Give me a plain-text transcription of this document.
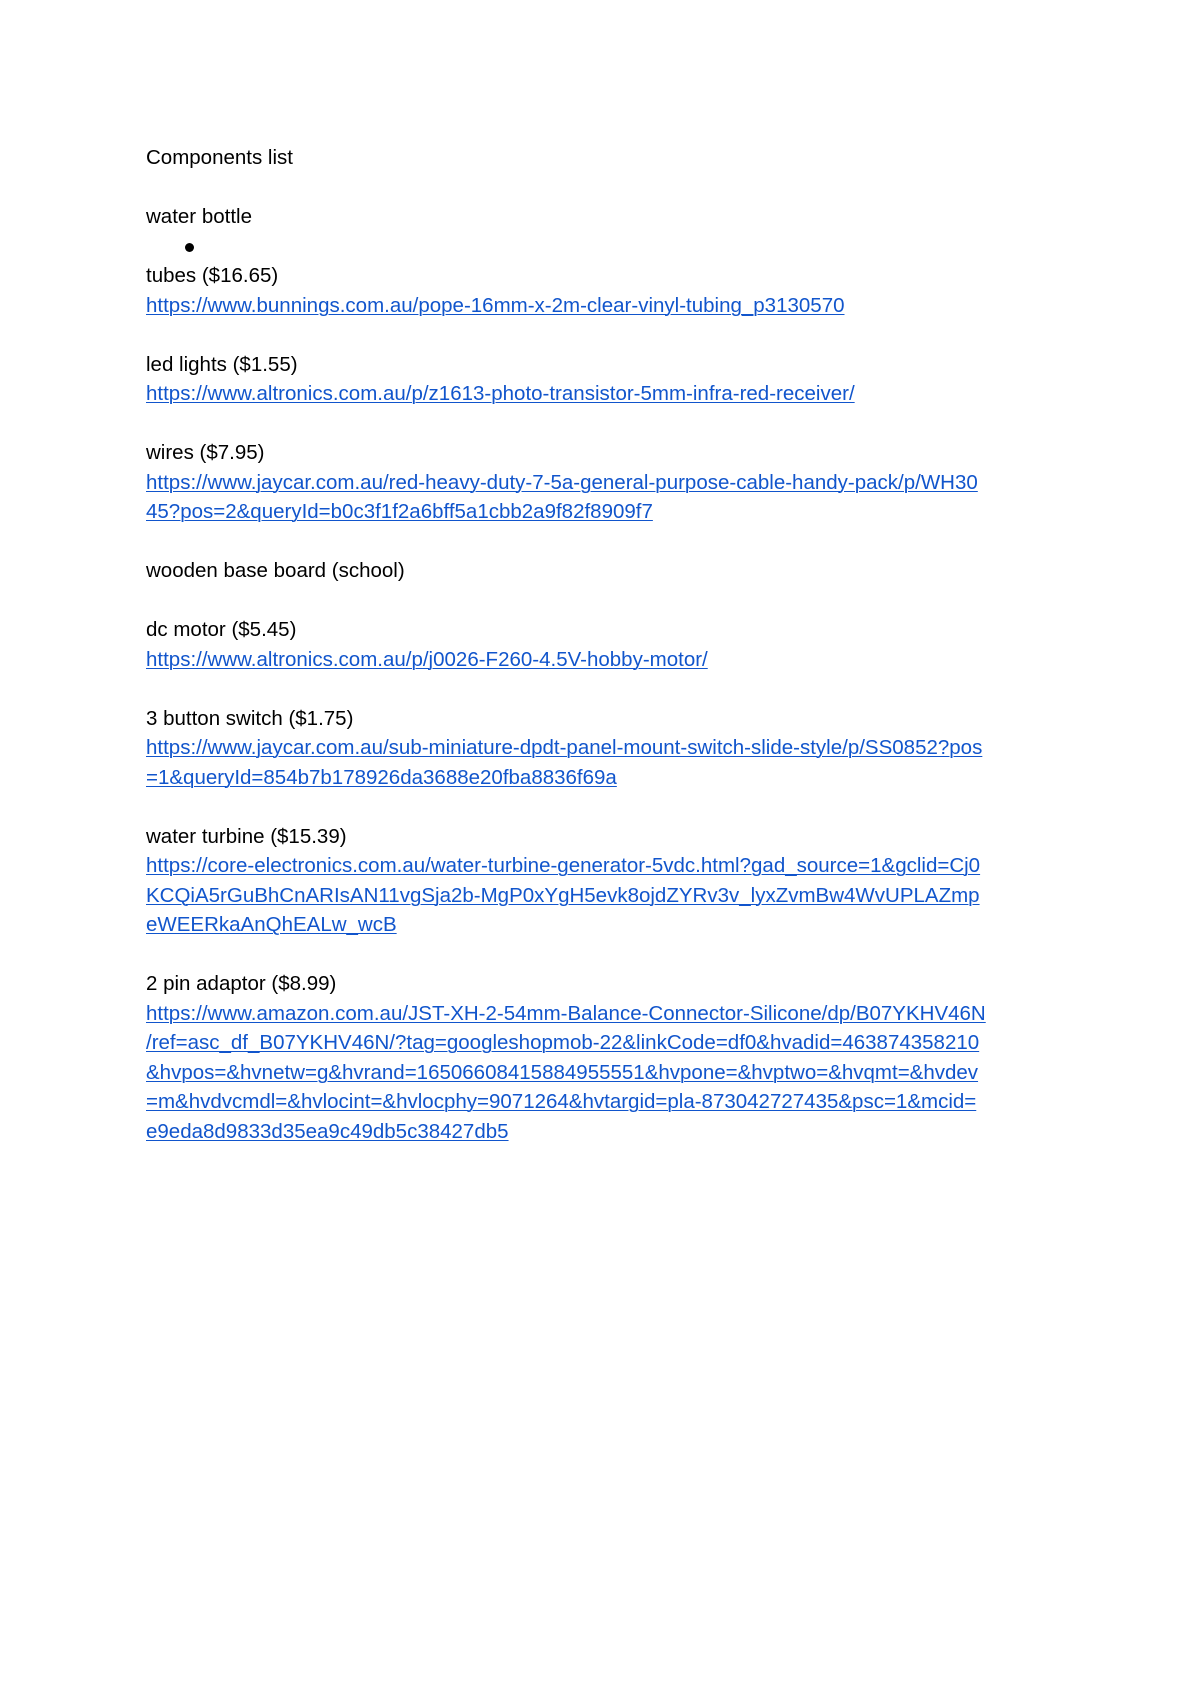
Components list
water bottle
tubes ($16.65)
https://www.bunnings.com.au/pope-16mm-x-2m-clear-vinyl-tubing_p3130570
led lights ($1.55)
https://www.altronics.com.au/p/z1613-photo-transistor-5mm-infra-red-receiver/
wires ($7.95)
https://www.jaycar.com.au/red-heavy-duty-7-5a-general-purpose-cable-handy-pack/p/WH30
45?pos=2&queryId=b0c3f1f2a6bff5a1cbb2a9f82f8909f7
wooden base board (school)
dc motor ($5.45)
https://www.altronics.com.au/p/j0026-F260-4.5V-hobby-motor/
3 button switch ($1.75)
https://www.jaycar.com.au/sub-miniature-dpdt-panel-mount-switch-slide-style/p/SS0852?pos
=1&queryId=854b7b178926da3688e20fba8836f69a
water turbine ($15.39)
https://core-electronics.com.au/water-turbine-generator-5vdc.html?gad_source=1&gclid=Cj0
KCQiA5rGuBhCnARIsAN11vgSja2b-MgP0xYgH5evk8ojdZYRv3v_lyxZvmBw4WvUPLAZmp
eWEERkaAnQhEALw_wcB
2 pin adaptor ($8.99)
https://www.amazon.com.au/JST-XH-2-54mm-Balance-Connector-Silicone/dp/B07YKHV46N
/ref=asc_df_B07YKHV46N/?tag=googleshopmob-22&linkCode=df0&hvadid=463874358210
&hvpos=&hvnetw=g&hvrand=16506608415884955551&hvpone=&hvptwo=&hvqmt=&hvdev
=m&hvdvcmdl=&hvlocint=&hvlocphy=9071264&hvtargid=pla-873042727435&psc=1&mcid=
e9eda8d9833d35ea9c49db5c38427db5
